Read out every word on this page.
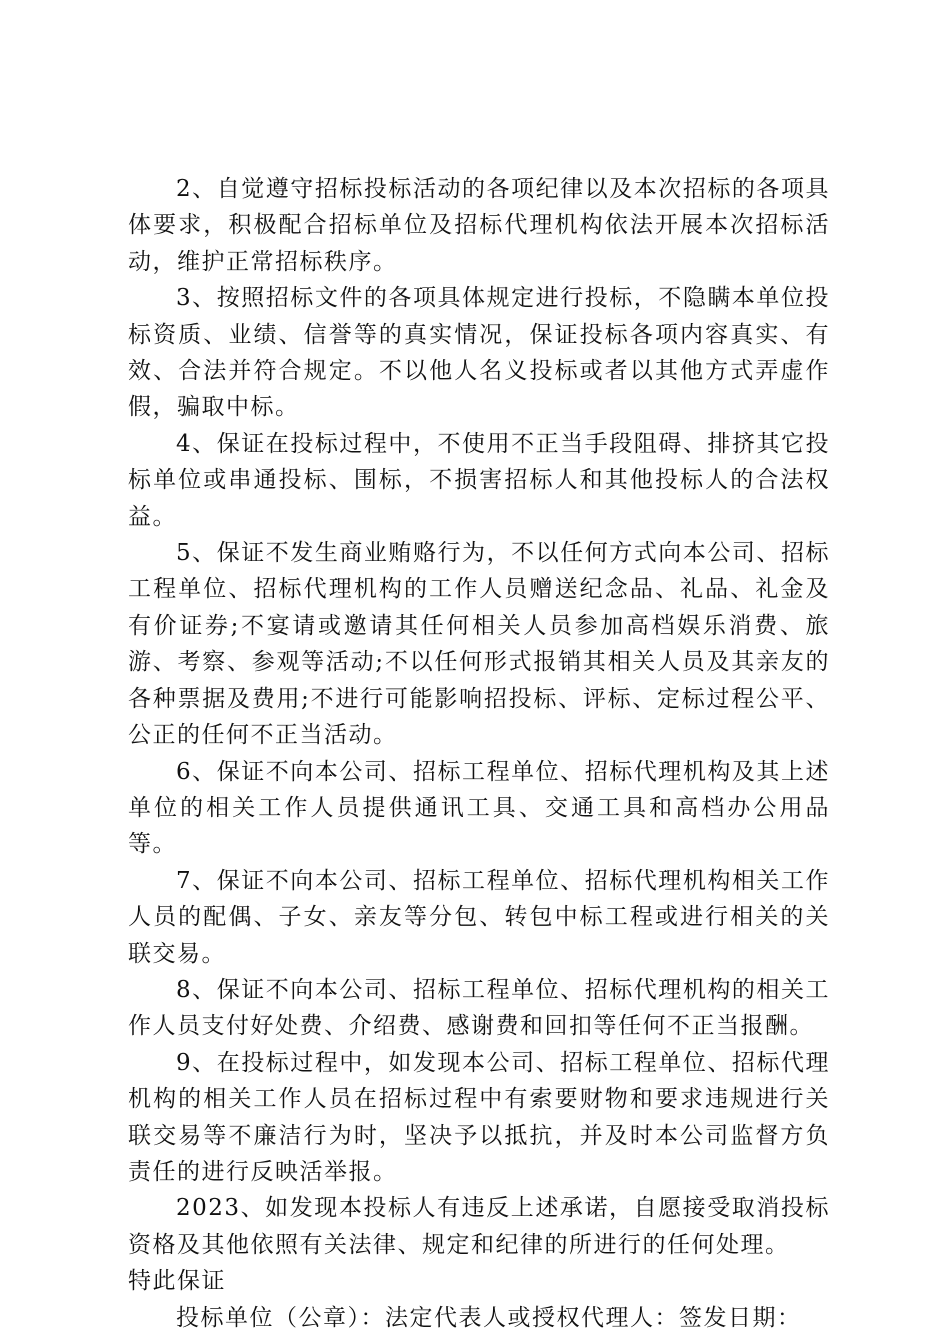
2、自觉遵守招标投标活动的各项纪律以及本次招标的各项具体要求，积极配合招标单位及招标代理机构依法开展本次招标活动，维护正常招标秩序。

3、按照招标文件的各项具体规定进行投标，不隐瞒本单位投标资质、业绩、信誉等的真实情况，保证投标各项内容真实、有效、合法并符合规定。不以他人名义投标或者以其他方式弄虚作假，骗取中标。

4、保证在投标过程中，不使用不正当手段阻碍、排挤其它投标单位或串通投标、围标，不损害招标人和其他投标人的合法权益。

5、保证不发生商业贿赂行为，不以任何方式向本公司、招标工程单位、招标代理机构的工作人员赠送纪念品、礼品、礼金及有价证券;不宴请或邀请其任何相关人员参加高档娱乐消费、旅游、考察、参观等活动;不以任何形式报销其相关人员及其亲友的各种票据及费用;不进行可能影响招投标、评标、定标过程公平、公正的任何不正当活动。

6、保证不向本公司、招标工程单位、招标代理机构及其上述单位的相关工作人员提供通讯工具、交通工具和高档办公用品等。

7、保证不向本公司、招标工程单位、招标代理机构相关工作人员的配偶、子女、亲友等分包、转包中标工程或进行相关的关联交易。

8、保证不向本公司、招标工程单位、招标代理机构的相关工作人员支付好处费、介绍费、感谢费和回扣等任何不正当报酬。

9、在投标过程中，如发现本公司、招标工程单位、招标代理机构的相关工作人员在招标过程中有索要财物和要求违规进行关联交易等不廉洁行为时，坚决予以抵抗，并及时本公司监督方负责任的进行反映活举报。

2023、如发现本投标人有违反上述承诺，自愿接受取消投标资格及其他依照有关法律、规定和纪律的所进行的任何处理。

特此保证

投标单位（公章）：法定代表人或授权代理人：签发日期：
